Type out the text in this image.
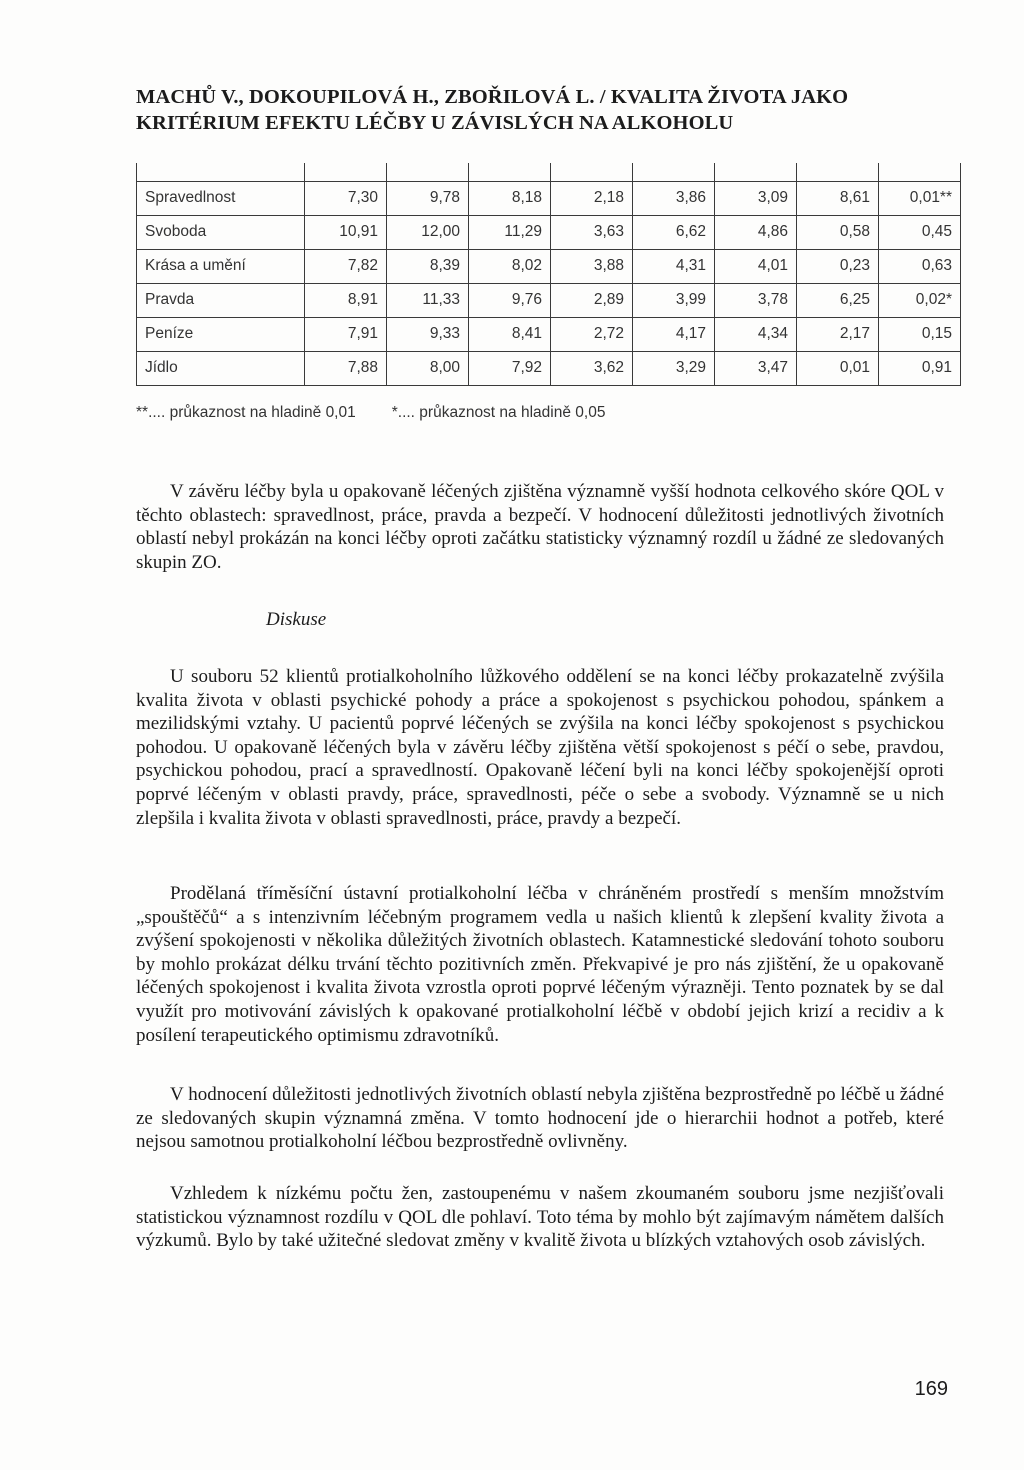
MACHŮ V., DOKOUPILOVÁ H., ZBOŘILOVÁ L. / KVALITA ŽIVOTA JAKO
KRITÉRIUM EFEKTU LÉČBY U ZÁVISLÝCH NA ALKOHOLU

Spravedlnost	7,30	9,78	8,18	2,18	3,86	3,09	8,61	0,01**
Svoboda	10,91	12,00	11,29	3,63	6,62	4,86	0,58	0,45
Krása a umění	7,82	8,39	8,02	3,88	4,31	4,01	0,23	0,63
Pravda	8,91	11,33	9,76	2,89	3,99	3,78	6,25	0,02*
Peníze	7,91	9,33	8,41	2,72	4,17	4,34	2,17	0,15
Jídlo	7,88	8,00	7,92	3,62	3,29	3,47	0,01	0,91
**.... průkaznost na hladině 0,01 *.... průkaznost na hladině 0,05

V závěru léčby byla u opakovaně léčených zjištěna významně vyšší hodnota celkového skóre QOL v těchto oblastech: spravedlnost, práce, pravda a bezpečí. V hodnocení důležitosti jednotlivých životních oblastí nebyl prokázán na konci léčby oproti začátku statisticky významný rozdíl u žádné ze sledovaných skupin ZO.

Diskuse

U souboru 52 klientů protialkoholního lůžkového oddělení se na konci léčby prokazatelně zvýšila kvalita života v oblasti psychické pohody a práce a spokojenost s psychickou pohodou, spánkem a mezilidskými vztahy. U pacientů poprvé léčených se zvýšila na konci léčby spokojenost s psychickou pohodou. U opakovaně léčených byla v závěru léčby zjištěna větší spokojenost s péčí o sebe, pravdou, psychickou pohodou, prací a spravedlností. Opakovaně léčení byli na konci léčby spokojenější oproti poprvé léčeným v oblasti pravdy, práce, spravedlnosti, péče o sebe a svobody. Významně se u nich zlepšila i kvalita života v oblasti spravedlnosti, práce, pravdy a bezpečí.

Prodělaná tříměsíční ústavní protialkoholní léčba v chráněném prostředí s menším množstvím „spouštěčů“ a s intenzivním léčebným programem vedla u našich klientů k zlepšení kvality života a zvýšení spokojenosti v několika důležitých životních oblastech. Katamnestické sledování tohoto souboru by mohlo prokázat délku trvání těchto pozitivních změn. Překvapivé je pro nás zjištění, že u opakovaně léčených spokojenost i kvalita života vzrostla oproti poprvé léčeným výrazněji. Tento poznatek by se dal využít pro motivování závislých k opakované protialkoholní léčbě v období jejich krizí a recidiv a k posílení terapeutického optimismu zdravotníků.

V hodnocení důležitosti jednotlivých životních oblastí nebyla zjištěna bezprostředně po léčbě u žádné ze sledovaných skupin významná změna. V tomto hodnocení jde o hierarchii hodnot a potřeb, které nejsou samotnou protialkoholní léčbou bezprostředně ovlivněny.

Vzhledem k nízkému počtu žen, zastoupenému v našem zkoumaném souboru jsme nezjišťovali statistickou významnost rozdílu v QOL dle pohlaví. Toto téma by mohlo být zajímavým námětem dalších výzkumů. Bylo by také užitečné sledovat změny v kvalitě života u blízkých vztahových osob závislých.

169
